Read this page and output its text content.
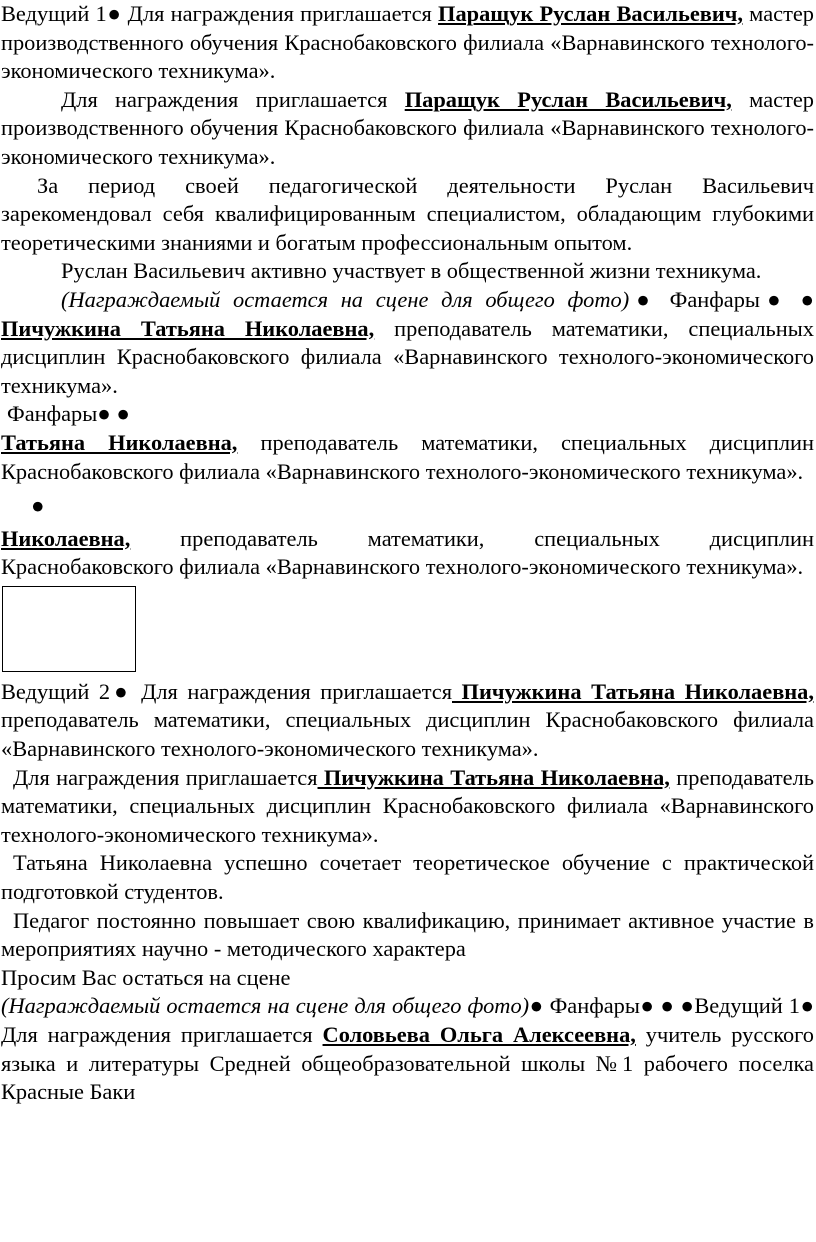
Ведущий 1● Для награждения приглашается Паращук Руслан Васильевич, мастер производственного обучения Краснобаковского филиала «Варнавинского технолого-экономического техникума».

Для награждения приглашается Паращук Руслан Васильевич, мастер производственного обучения Краснобаковского филиала «Варнавинского технолого-экономического техникума».

За период своей педагогической деятельности Руслан Васильевич зарекомендовал себя квалифицированным специалистом, обладающим глубокими теоретическими знаниями и богатым профессиональным опытом.

Руслан Васильевич активно участвует в общественной жизни техникума.

(Награждаемый остается на сцене для общего фото)● Фанфары● ●

Пичужкина Татьяна Николаевна, преподаватель математики, специальных дисциплин Краснобаковского филиала «Варнавинского технолого-экономического техникума».

Фанфары● ●

Татьяна Николаевна, преподаватель математики, специальных дисциплин Краснобаковского филиала «Варнавинского технолого-экономического техникума».

●

Николаевна, преподаватель математики, специальных дисциплин Краснобаковского филиала «Варнавинского технолого-экономического техникума».

Ведущий 2● Для награждения приглашается Пичужкина Татьяна Николаевна, преподаватель математики, специальных дисциплин Краснобаковского филиала «Варнавинского технолого-экономического техникума».

Для награждения приглашается Пичужкина Татьяна Николаевна, преподаватель математики, специальных дисциплин Краснобаковского филиала «Варнавинского технолого-экономического техникума».

Татьяна Николаевна успешно сочетает теоретическое обучение с практической подготовкой студентов.

Педагог постоянно повышает свою квалификацию, принимает активное участие в мероприятиях научно - методического характера

Просим Вас остаться на сцене

(Награждаемый остается на сцене для общего фото)● Фанфары● ● ●Ведущий 1● Для награждения приглашается Соловьева Ольга Алексеевна, учитель русского языка и литературы Средней общеобразовательной школы №1 рабочего поселка Красные Баки
